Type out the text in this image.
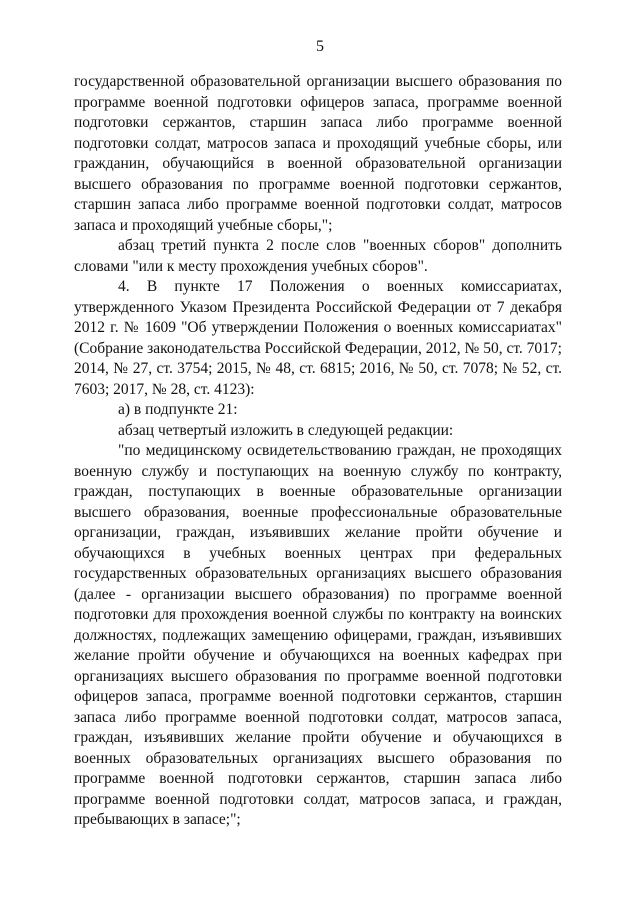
5

государственной образовательной организации высшего образования по программе военной подготовки офицеров запаса, программе военной подготовки сержантов, старшин запаса либо программе военной подготовки солдат, матросов запаса и проходящий учебные сборы, или гражданин, обучающийся в военной образовательной организации высшего образования по программе военной подготовки сержантов, старшин запаса либо программе военной подготовки солдат, матросов запаса и проходящий учебные сборы,";

абзац третий пункта 2 после слов "военных сборов" дополнить словами "или к месту прохождения учебных сборов".

4. В пункте 17 Положения о военных комиссариатах, утвержденного Указом Президента Российской Федерации от 7 декабря 2012 г. № 1609 "Об утверждении Положения о военных комиссариатах" (Собрание законодательства Российской Федерации, 2012, № 50, ст. 7017; 2014, № 27, ст. 3754; 2015, № 48, ст. 6815; 2016, № 50, ст. 7078; № 52, ст. 7603; 2017, № 28, ст. 4123):

а) в подпункте 21:

абзац четвертый изложить в следующей редакции:

"по медицинскому освидетельствованию граждан, не проходящих военную службу и поступающих на военную службу по контракту, граждан, поступающих в военные образовательные организации высшего образования, военные профессиональные образовательные организации, граждан, изъявивших желание пройти обучение и обучающихся в учебных военных центрах при федеральных государственных образовательных организациях высшего образования (далее - организации высшего образования) по программе военной подготовки для прохождения военной службы по контракту на воинских должностях, подлежащих замещению офицерами, граждан, изъявивших желание пройти обучение и обучающихся на военных кафедрах при организациях высшего образования по программе военной подготовки офицеров запаса, программе военной подготовки сержантов, старшин запаса либо программе военной подготовки солдат, матросов запаса, граждан, изъявивших желание пройти обучение и обучающихся в военных образовательных организациях высшего образования по программе военной подготовки сержантов, старшин запаса либо программе военной подготовки солдат, матросов запаса, и граждан, пребывающих в запасе;";
